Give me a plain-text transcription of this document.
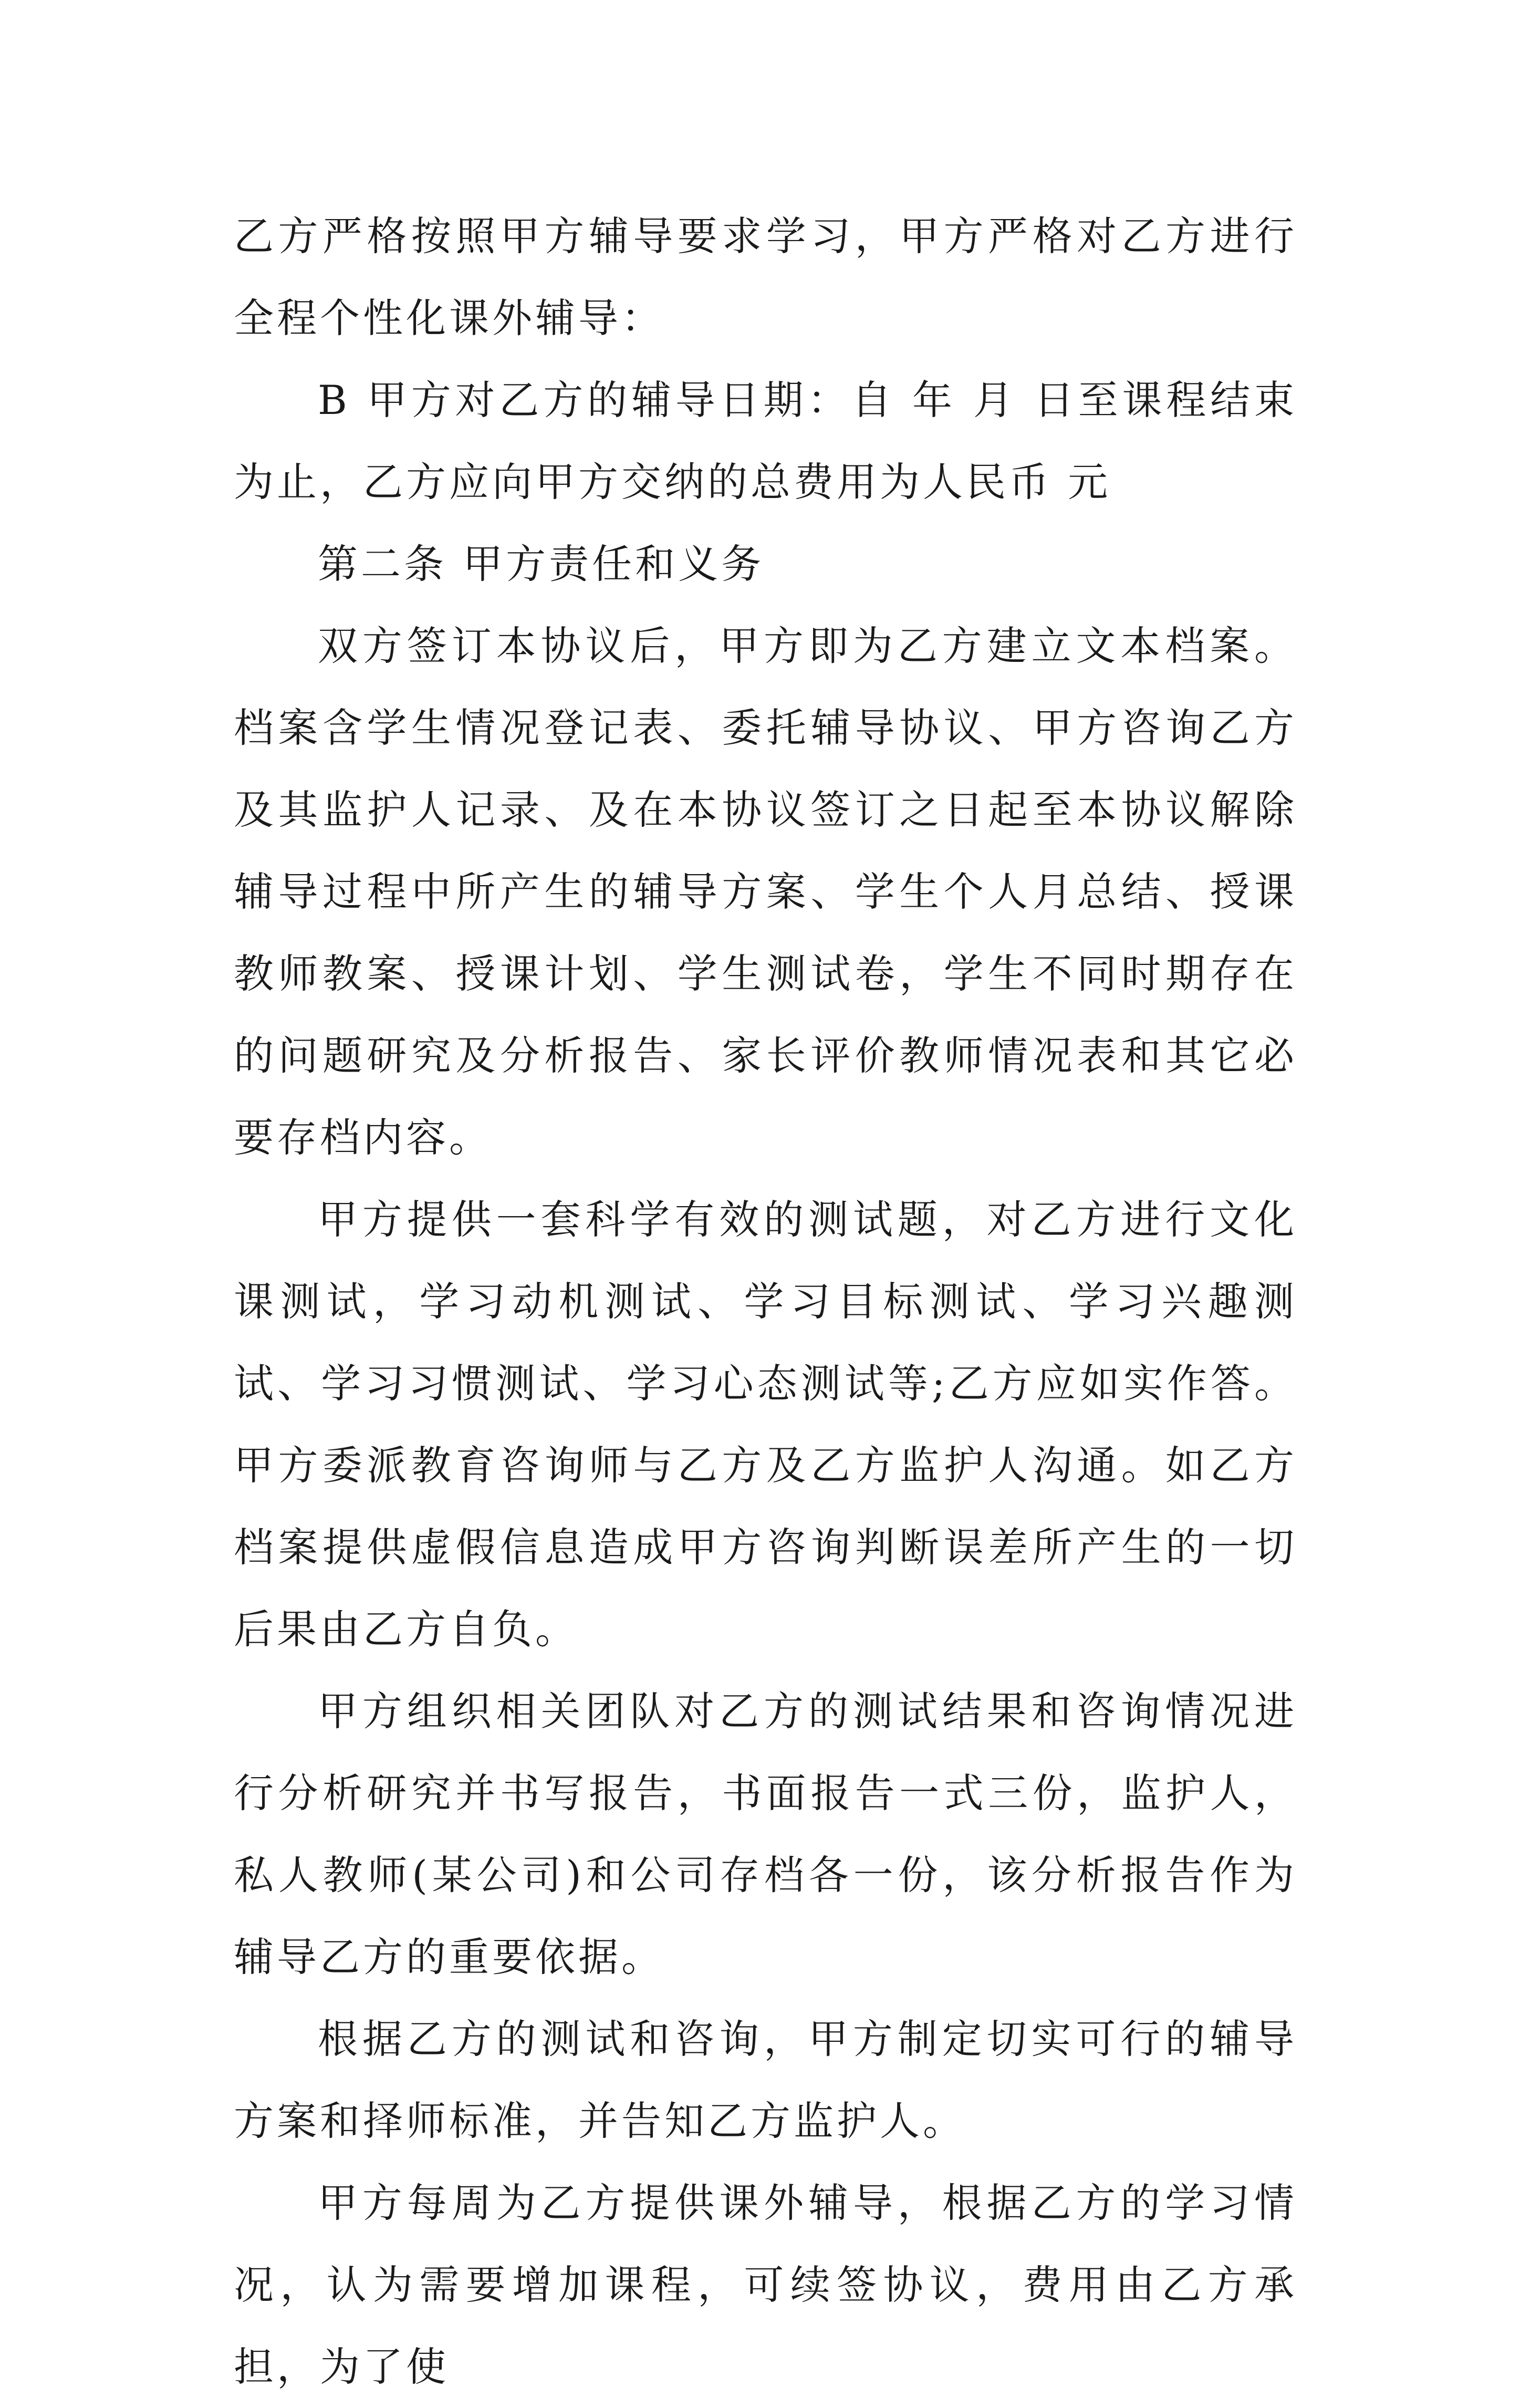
乙方严格按照甲方辅导要求学习，甲方严格对乙方进行全程个性化课外辅导：

B 甲方对乙方的辅导日期：自 年 月 日至课程结束为止，乙方应向甲方交纳的总费用为人民币 元

第二条 甲方责任和义务

双方签订本协议后，甲方即为乙方建立文本档案。档案含学生情况登记表、委托辅导协议、甲方咨询乙方及其监护人记录、及在本协议签订之日起至本协议解除辅导过程中所产生的辅导方案、学生个人月总结、授课教师教案、授课计划、学生测试卷，学生不同时期存在的问题研究及分析报告、家长评价教师情况表和其它必要存档内容。

甲方提供一套科学有效的测试题，对乙方进行文化课测试，学习动机测试、学习目标测试、学习兴趣测试、学习习惯测试、学习心态测试等;乙方应如实作答。甲方委派教育咨询师与乙方及乙方监护人沟通。如乙方档案提供虚假信息造成甲方咨询判断误差所产生的一切后果由乙方自负。

甲方组织相关团队对乙方的测试结果和咨询情况进行分析研究并书写报告，书面报告一式三份，监护人，私人教师(某公司)和公司存档各一份，该分析报告作为辅导乙方的重要依据。

根据乙方的测试和咨询，甲方制定切实可行的辅导方案和择师标准，并告知乙方监护人。

甲方每周为乙方提供课外辅导，根据乙方的学习情况，认为需要增加课程，可续签协议，费用由乙方承担，为了使
